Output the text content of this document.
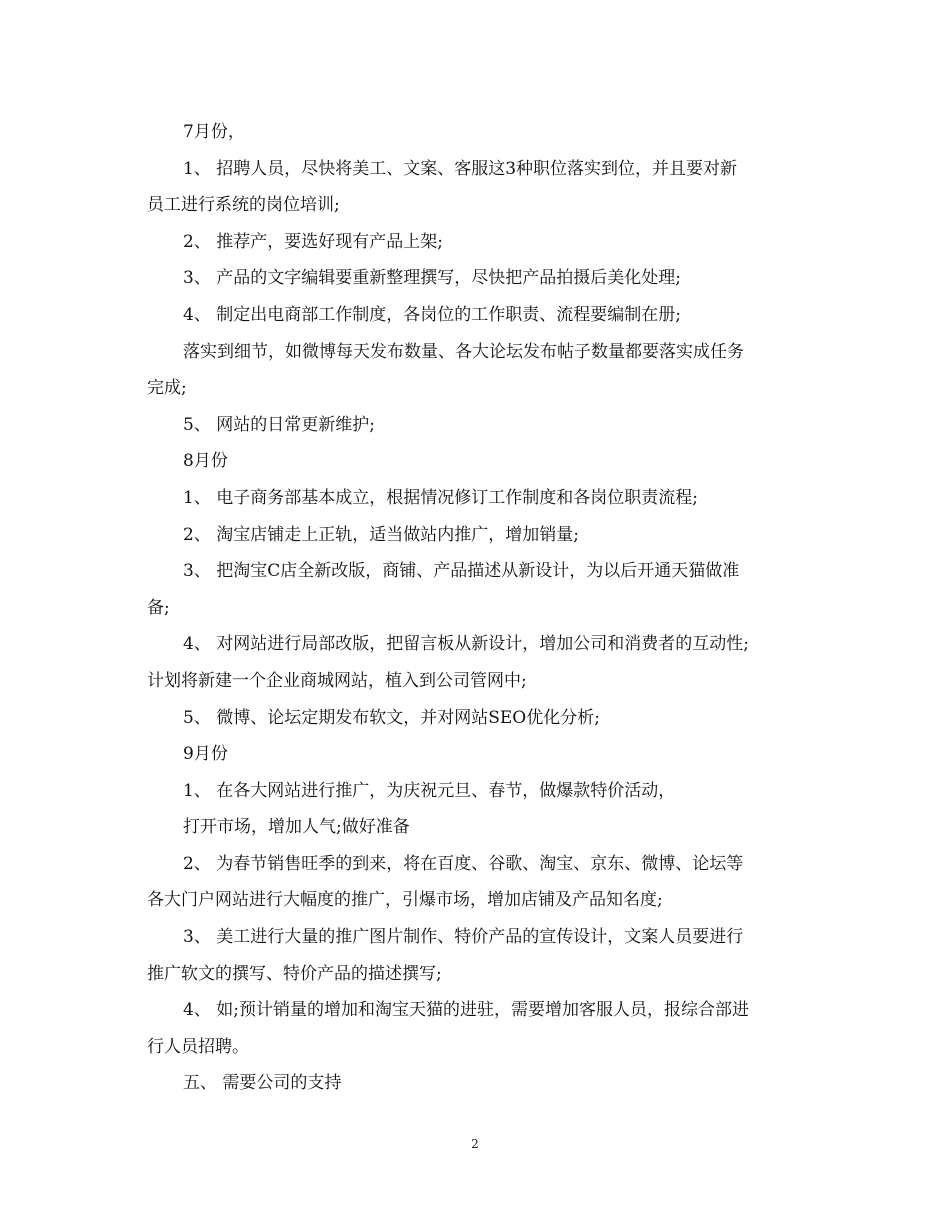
7月份，
1、 招聘人员，尽快将美工、文案、客服这3种职位落实到位，并且要对新
员工进行系统的岗位培训;
2、 推荐产，要选好现有产品上架;
3、 产品的文字编辑要重新整理撰写，尽快把产品拍摄后美化处理;
4、 制定出电商部工作制度，各岗位的工作职责、流程要编制在册;
落实到细节，如微博每天发布数量、各大论坛发布帖子数量都要落实成任务
完成;
5、 网站的日常更新维护;
8月份
1、 电子商务部基本成立，根据情况修订工作制度和各岗位职责流程;
2、 淘宝店铺走上正轨，适当做站内推广，增加销量;
3、 把淘宝C店全新改版，商铺、产品描述从新设计，为以后开通天猫做准
备;
4、 对网站进行局部改版，把留言板从新设计，增加公司和消费者的互动性;
计划将新建一个企业商城网站，植入到公司管网中;
5、 微博、论坛定期发布软文，并对网站SEO优化分析;
9月份
1、 在各大网站进行推广，为庆祝元旦、春节，做爆款特价活动，
打开市场，增加人气;做好准备
2、 为春节销售旺季的到来，将在百度、谷歌、淘宝、京东、微博、论坛等
各大门户网站进行大幅度的推广，引爆市场，增加店铺及产品知名度;
3、 美工进行大量的推广图片制作、特价产品的宣传设计，文案人员要进行
推广软文的撰写、特价产品的描述撰写;
4、 如;预计销量的增加和淘宝天猫的进驻，需要增加客服人员，报综合部进
行人员招聘。
五、 需要公司的支持
2
